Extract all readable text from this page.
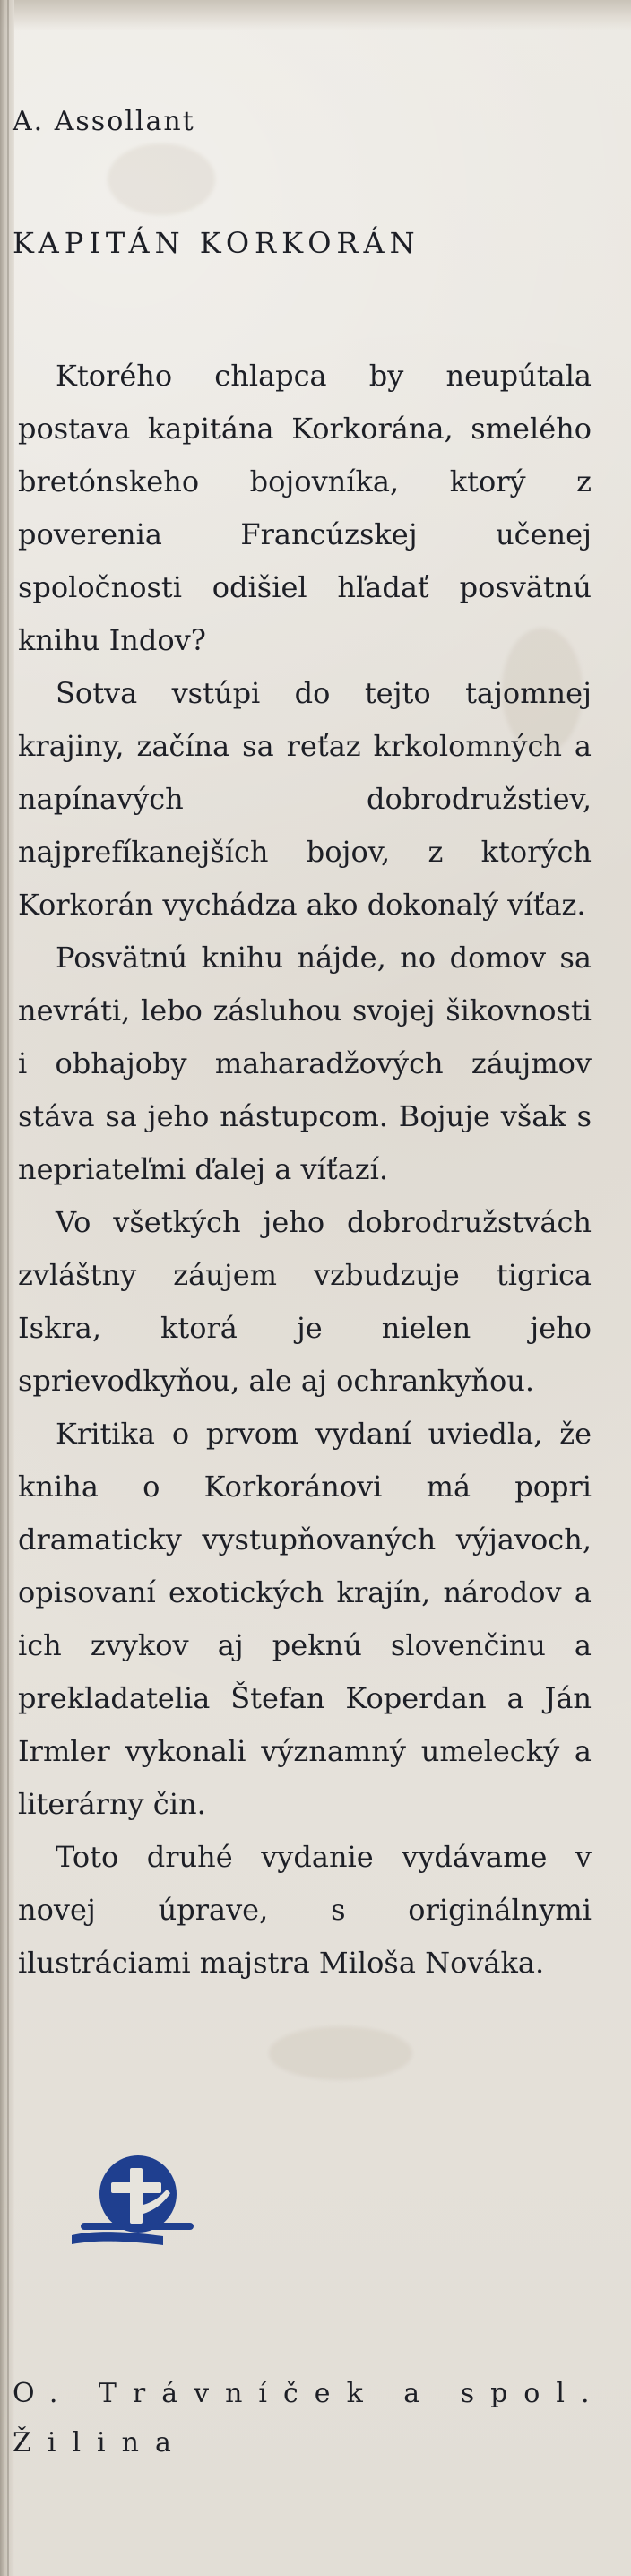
A. Assollant
KAPITÁN KORKORÁN

Ktorého chlapca by neupútala postava kapitána Korkorána, smelého bretónskeho bojovníka, ktorý z poverenia Francúzskej učenej spoločnosti odišiel hľadať posvätnú knihu Indov?

Sotva vstúpi do tejto tajomnej krajiny, začína sa reťaz krkolomných a napínavých dobrodružstiev, najprefíkanejších bojov, z ktorých Korkorán vychádza ako dokonalý víťaz.

Posvätnú knihu nájde, no domov sa nevráti, lebo zásluhou svojej šikovnosti i obhajoby maharadžových záujmov stáva sa jeho nástupcom. Bojuje však s nepriateľmi ďalej a víťazí.

Vo všetkých jeho dobrodružstvách zvláštny záujem vzbudzuje tigrica Iskra, ktorá je nielen jeho sprievodkyňou, ale aj ochrankyňou.

Kritika o prvom vydaní uviedla, že kniha o Korkoránovi má popri dramaticky vystupňovaných výjavoch, opisovaní exotických krajín, národov a ich zvykov aj peknú slovenčinu a prekladatelia Štefan Koperdan a Ján Irmler vykonali významný umelecký a literárny čin.

Toto druhé vydanie vydávame v novej úprave, s originálnymi ilustráciami majstra Miloša Nováka.

O. Trávníček a spol.
Žilina
